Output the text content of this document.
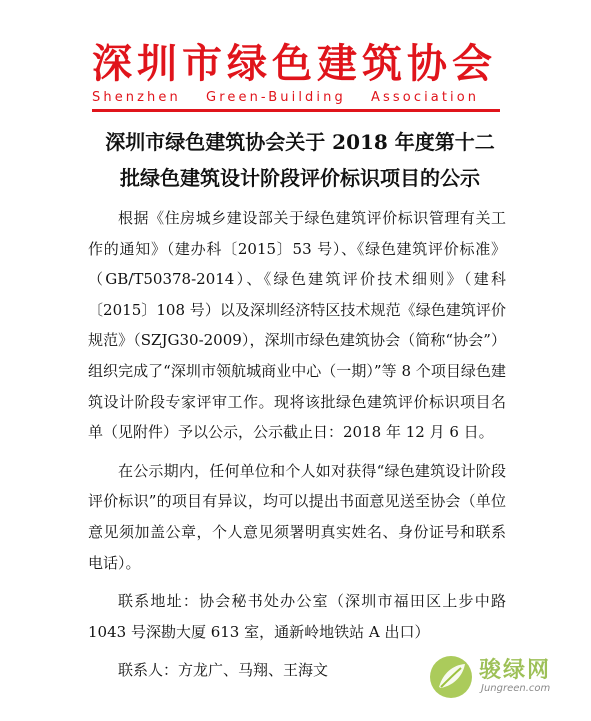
深圳市绿色建筑协会
Shenzhen Green-Building Association
深圳市绿色建筑协会关于 2018 年度第十二
批绿色建筑设计阶段评价标识项目的公示

根据《住房城乡建设部关于绿色建筑评价标识管理有关工作的通知》（建办科〔2015〕53 号）、《绿色建筑评价标准》（GB/T50378-2014）、《绿色建筑评价技术细则》（建科〔2015〕108 号）以及深圳经济特区技术规范《绿色建筑评价规范》（SZJG30-2009），深圳市绿色建筑协会（简称“协会”）组织完成了“深圳市领航城商业中心（一期）”等 8 个项目绿色建筑设计阶段专家评审工作。现将该批绿色建筑评价标识项目名单（见附件）予以公示，公示截止日：2018 年 12 月 6 日。

在公示期内，任何单位和个人如对获得“绿色建筑设计阶段评价标识”的项目有异议，均可以提出书面意见送至协会（单位意见须加盖公章，个人意见须署明真实姓名、身份证号和联系电话）。

联系地址：协会秘书处办公室（深圳市福田区上步中路 1043 号深勘大厦 613 室，通新岭地铁站 A 出口）

联系人：方龙广、马翔、王海文	骏绿网
Jungreen.com
